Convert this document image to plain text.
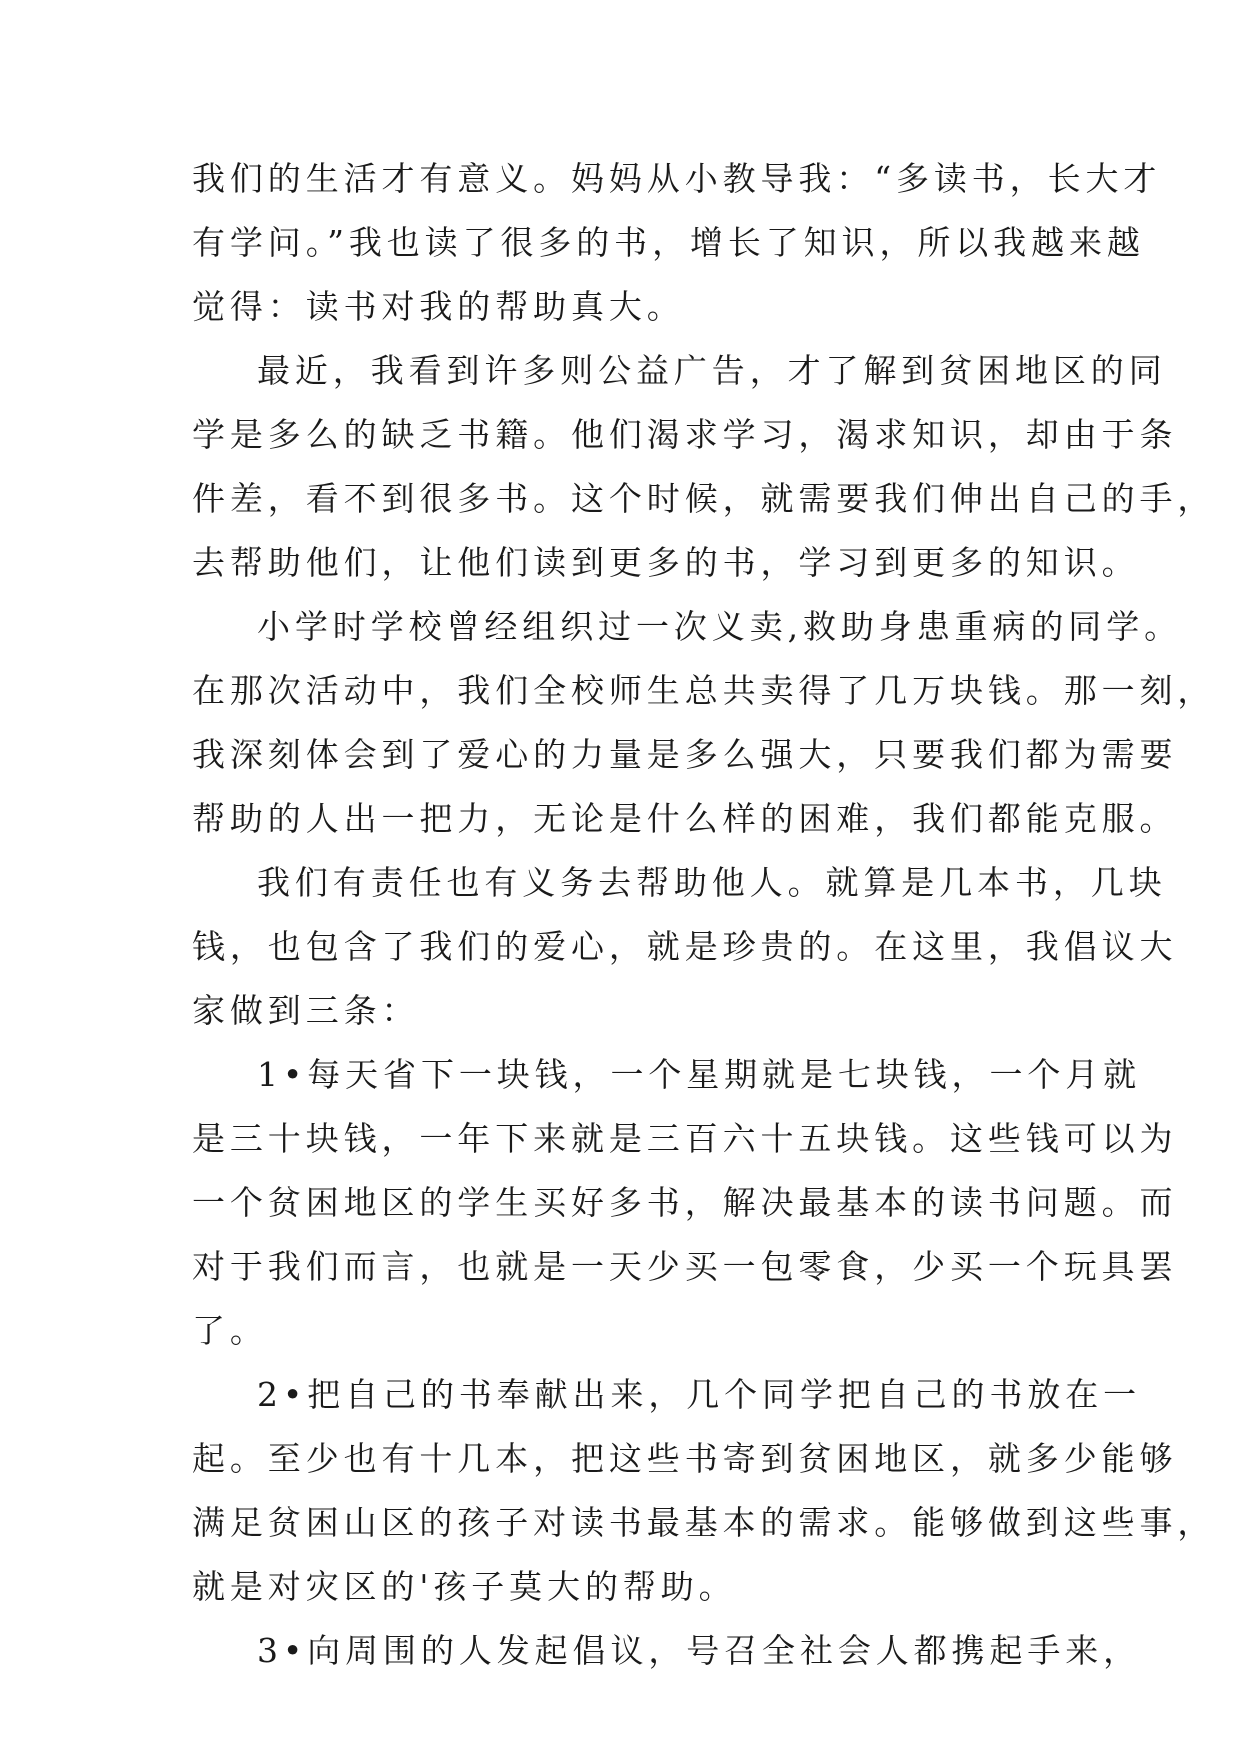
我们的生活才有意义。妈妈从小教导我：“多读书，长大才

有学问。”我也读了很多的书，增长了知识，所以我越来越

觉得：读书对我的帮助真大。

最近，我看到许多则公益广告，才了解到贫困地区的同

学是多么的缺乏书籍。他们渴求学习，渴求知识，却由于条

件差，看不到很多书。这个时候，就需要我们伸出自己的手，

去帮助他们，让他们读到更多的书，学习到更多的知识。

小学时学校曾经组织过一次义卖,救助身患重病的同学。

在那次活动中，我们全校师生总共卖得了几万块钱。那一刻，

我深刻体会到了爱心的力量是多么强大，只要我们都为需要

帮助的人出一把力，无论是什么样的困难，我们都能克服。

我们有责任也有义务去帮助他人。就算是几本书，几块

钱，也包含了我们的爱心，就是珍贵的。在这里，我倡议大

家做到三条：

1•每天省下一块钱，一个星期就是七块钱，一个月就

是三十块钱，一年下来就是三百六十五块钱。这些钱可以为

一个贫困地区的学生买好多书，解决最基本的读书问题。而

对于我们而言，也就是一天少买一包零食，少买一个玩具罢

了。

2•把自己的书奉献出来，几个同学把自己的书放在一

起。至少也有十几本，把这些书寄到贫困地区，就多少能够

满足贫困山区的孩子对读书最基本的需求。能够做到这些事，

就是对灾区的'孩子莫大的帮助。

3•向周围的人发起倡议，号召全社会人都携起手来，
